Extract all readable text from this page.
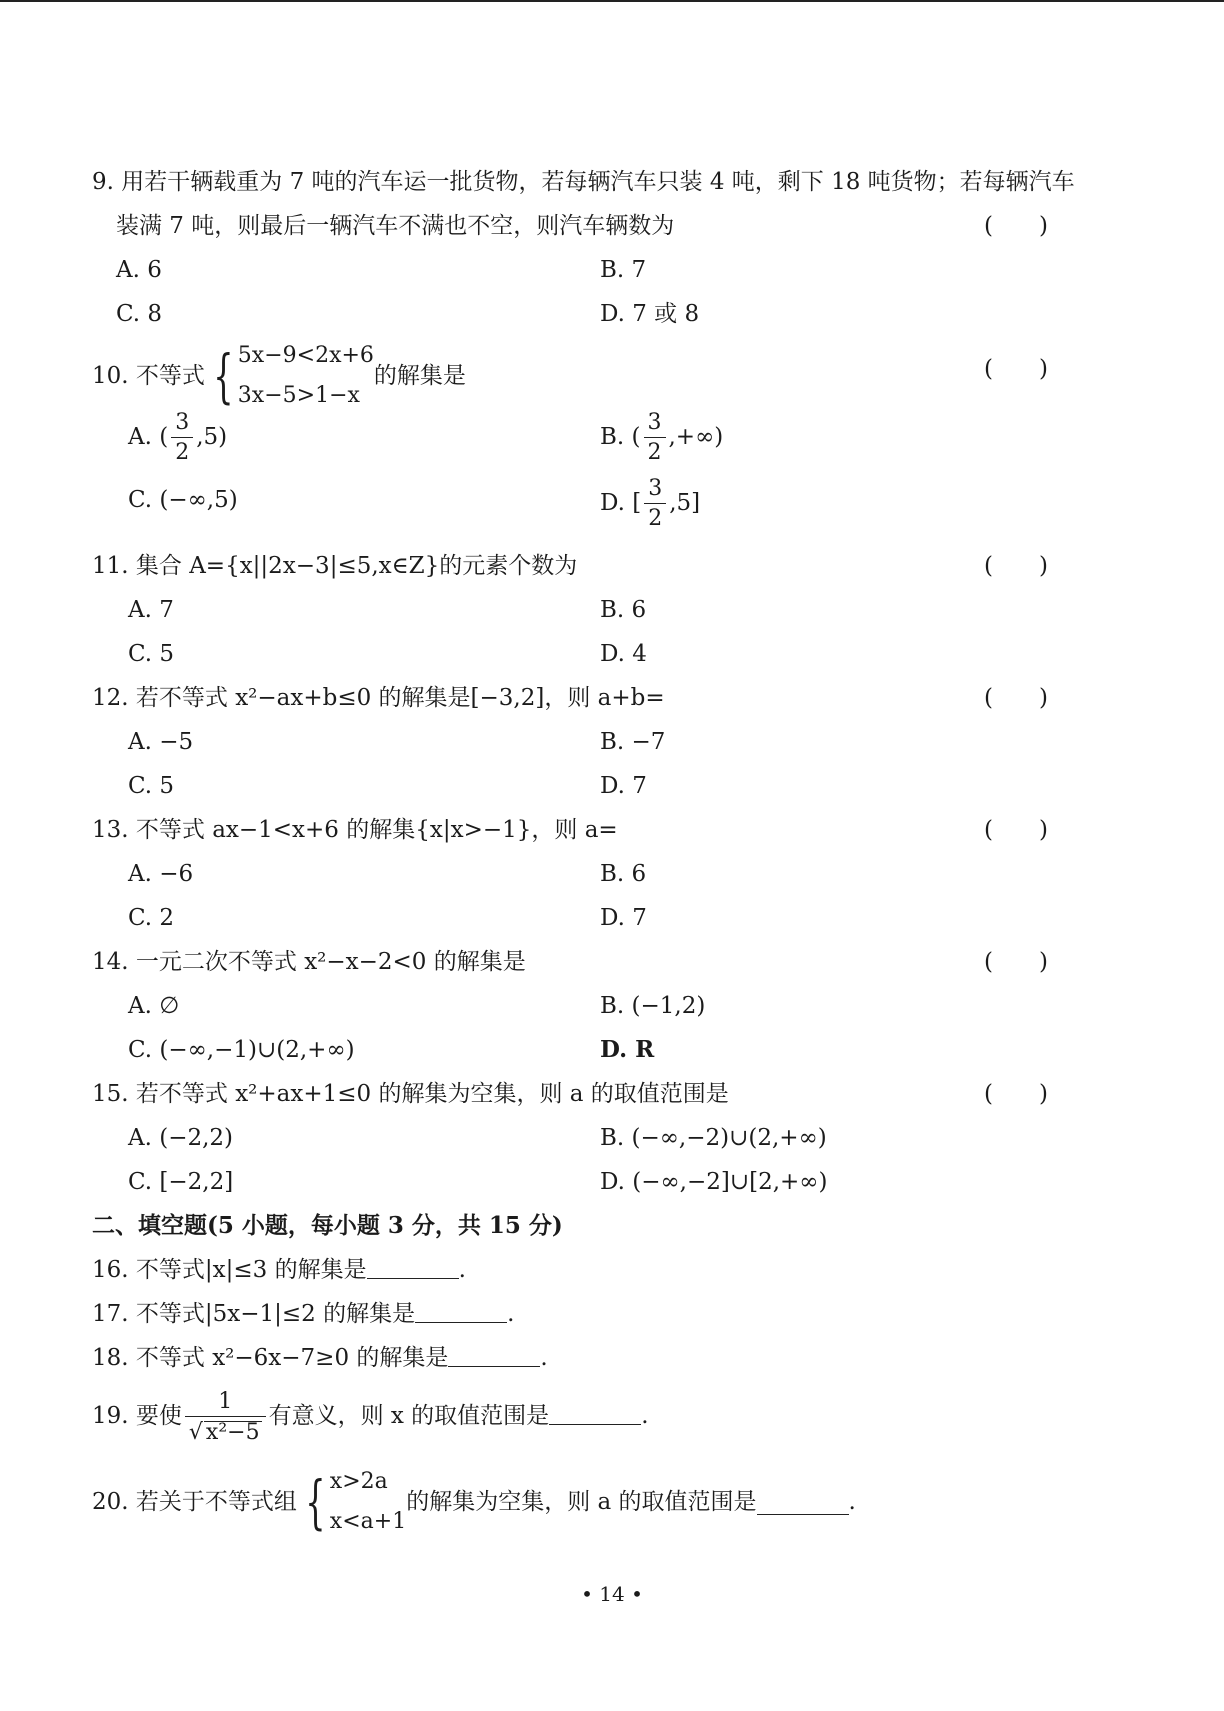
9. 用若干辆载重为 7 吨的汽车运一批货物，若每辆汽车只装 4 吨，剩下 18 吨货物；若每辆汽车
装满 7 吨，则最后一辆汽车不满也不空，则汽车辆数为	(　　)
A. 6	B. 7
C. 8	D. 7 或 8
10. 不等式 { 5x−9<2x+6
3x−5>1−x
的解集是	(　　)
A. ( $\frac{3}{2} ,5$)	B. ( $\frac{3}{2}$ ,+∞)
C. (−∞,5)	D. [ $\frac{3}{2} ,5$]
11. 集合 A={x||2x−3|≤5,x∈Z}的元素个数为	(　　)
A. 7	B. 6
C. 5	D. 4
12. 若不等式 x²−ax+b≤0 的解集是[−3,2]，则 a+b=	(　　)
A. −5	B. −7
C. 5	D. 7
13. 不等式 ax−1<x+6 的解集{x|x>−1}，则 a=	(　　)
A. −6	B. 6
C. 2	D. 7
14. 一元二次不等式 x²−x−2<0 的解集是	(　　)
A. ∅	B. (−1,2)
C. (−∞,−1)∪(2,+∞)	D. R
15. 若不等式 x²+ax+1≤0 的解集为空集，则 a 的取值范围是	(　　)
A. (−2,2)	B. (−∞,−2)∪(2,+∞)
C. [−2,2]	D. (−∞,−2]∪[2,+∞)
二、填空题(5 小题，每小题 3 分，共 15 分)
16. 不等式|x|≤3 的解集是	.
17. 不等式|5x−1|≤2 的解集是	.
18. 不等式 x²−6x−7≥0 的解集是	.
19. 要使 $\frac{1}{\text{√ x²−5}}$ 有意义，则 x 的取值范围是	.
20. 若关于不等式组 { x>2a
x<a+1
的解集为空集，则 a 的取值范围是	.
• 14 •
